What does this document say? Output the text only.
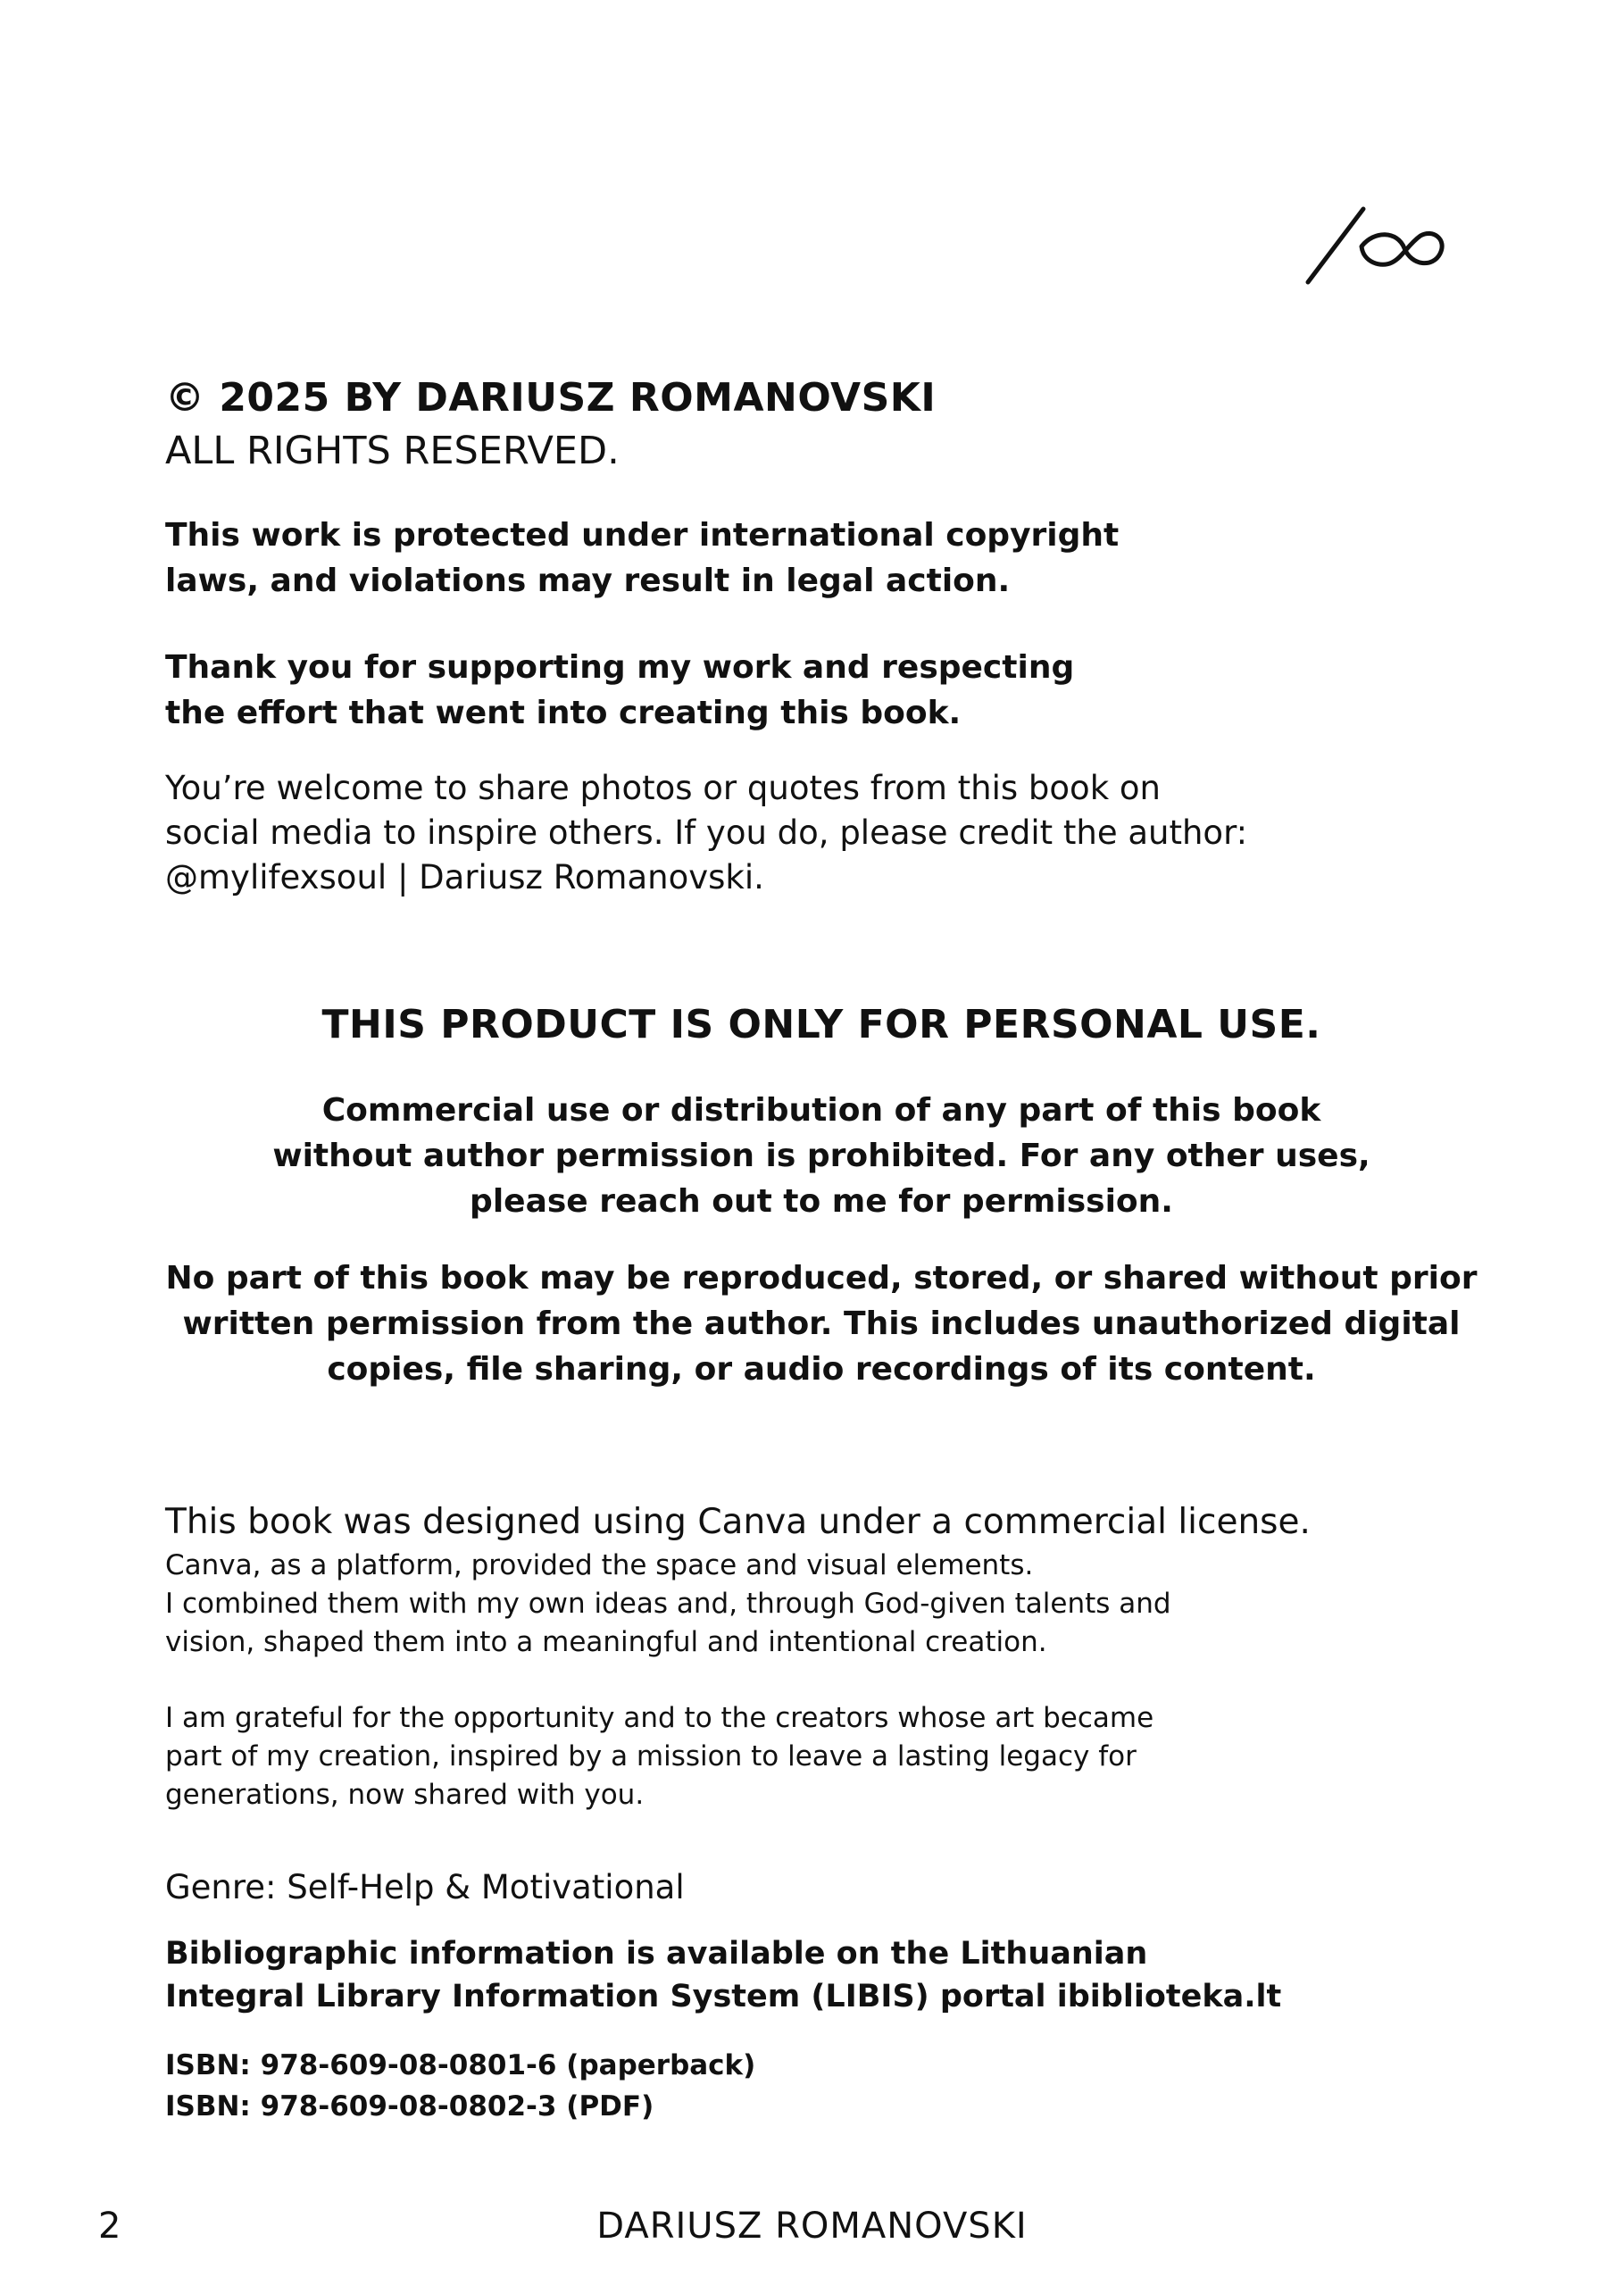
© 2025 BY DARIUSZ ROMANOVSKI

ALL RIGHTS RESERVED.

This work is protected under international copyright
laws, and violations may result in legal action.

Thank you for supporting my work and respecting
the effort that went into creating this book.

You’re welcome to share photos or quotes from this book on
social media to inspire others. If you do, please credit the author:
@mylifexsoul | Dariusz Romanovski.

THIS PRODUCT IS ONLY FOR PERSONAL USE.

Commercial use or distribution of any part of this book
without author permission is prohibited. For any other uses,
please reach out to me for permission.

No part of this book may be reproduced, stored, or shared without prior
written permission from the author. This includes unauthorized digital
copies, file sharing, or audio recordings of its content.

This book was designed using Canva under a commercial license.

Canva, as a platform, provided the space and visual elements.
I combined them with my own ideas and, through God-given talents and
vision, shaped them into a meaningful and intentional creation.

I am grateful for the opportunity and to the creators whose art became
part of my creation, inspired by a mission to leave a lasting legacy for
generations, now shared with you.

Genre: Self-Help & Motivational

Bibliographic information is available on the Lithuanian
Integral Library Information System (LIBIS) portal ibiblioteka.lt

ISBN: 978-609-08-0801-6 (paperback)
ISBN: 978-609-08-0802-3 (PDF)

2	DARIUSZ ROMANOVSKI
